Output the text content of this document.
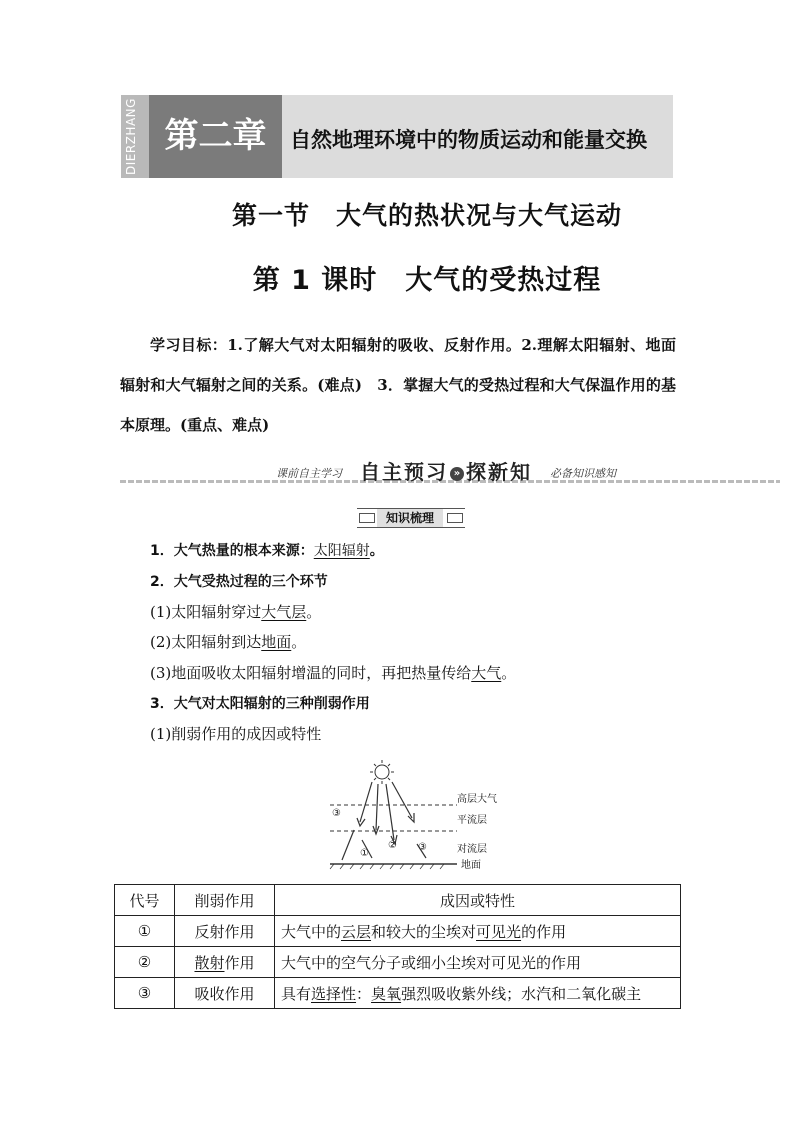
DIERZHANG 第二章	自然地理环境中的物质运动和能量交换
第一节　大气的热状况与大气运动
第 1 课时　大气的受热过程
学习目标：1.了解大气对太阳辐射的吸收、反射作用。2.理解太阳辐射、地面辐射和大气辐射之间的关系。(难点)　3．掌握大气的受热过程和大气保温作用的基本原理。(重点、难点)
课前自主学习 自主预习 » 探新知 必备知识感知
知识梳理
1．大气热量的根本来源：太阳辐射。
2．大气受热过程的三个环节
(1)太阳辐射穿过大气层。
(2)太阳辐射到达地面。
(3)地面吸收太阳辐射增温的同时，再把热量传给大气。
3．大气对太阳辐射的三种削弱作用
(1)削弱作用的成因或特性
③
①
② ③
高层大气
平流层
对流层
地面
代号	削弱作用	成因或特性
①	反射作用	大气中的云层和较大的尘埃对可见光的作用
②	散射作用	大气中的空气分子或细小尘埃对可见光的作用
③	吸收作用	具有选择性：臭氧强烈吸收紫外线；水汽和二氧化碳主
